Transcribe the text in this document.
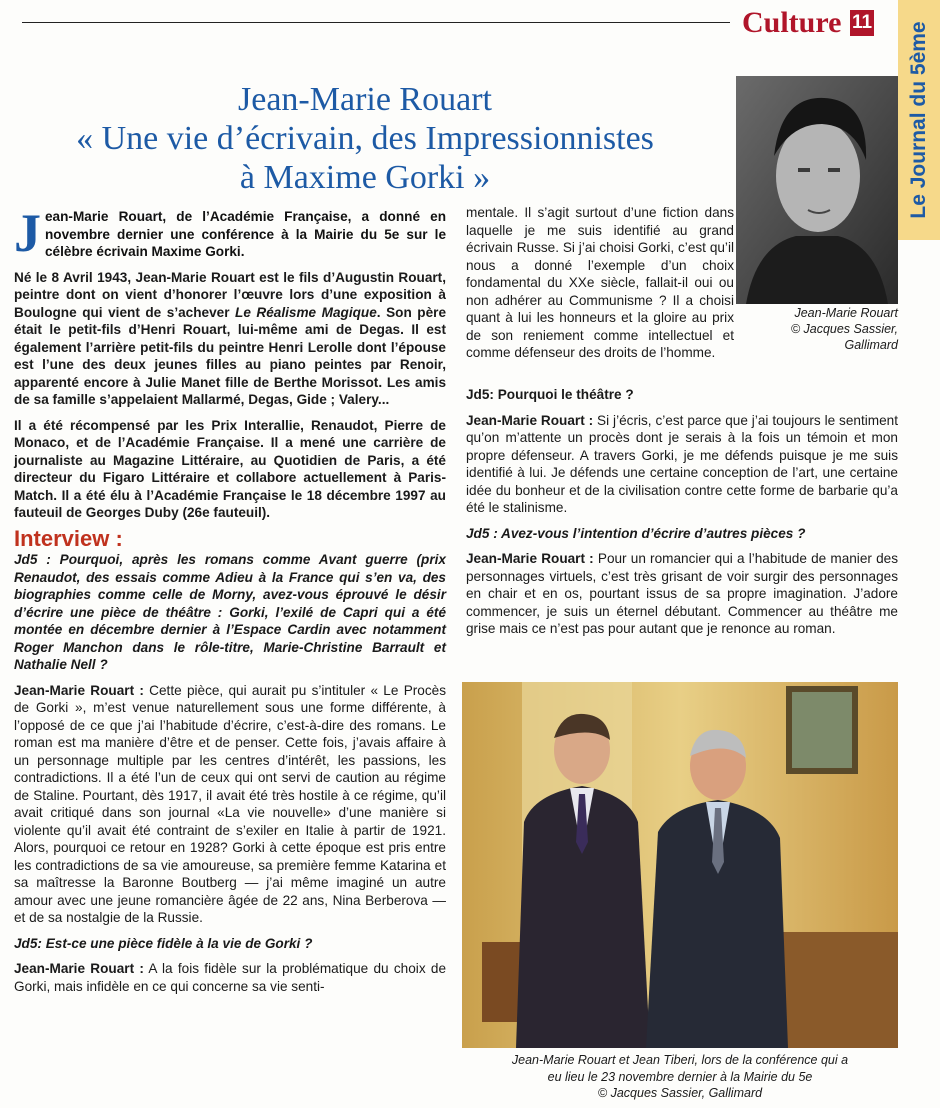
Culture 11 Le Journal du 5ème
Jean-Marie Rouart
« Une vie d’écrivain, des Impressionnistes
à Maxime Gorki »

Jean-Marie Rouart, de l’Académie Française, a donné en novembre dernier une conférence à la Mairie du 5e sur le célèbre écrivain Maxime Gorki.

Né le 8 Avril 1943, Jean-Marie Rouart est le fils d’Augustin Rouart, peintre dont on vient d’honorer l’œuvre lors d’une exposition à Boulogne qui vient de s’achever Le Réalisme Magique. Son père était le petit-fils d’Henri Rouart, lui-même ami de Degas. Il est également l’arrière petit-fils du peintre Henri Lerolle dont l’épouse est l’une des deux jeunes filles au piano peintes par Renoir, apparenté encore à Julie Manet fille de Berthe Morissot. Les amis de sa famille s’appelaient Mallarmé, Degas, Gide ; Valery...

Il a été récompensé par les Prix Interallie, Renaudot, Pierre de Monaco, et de l’Académie Française. Il a mené une carrière de journaliste au Magazine Littéraire, au Quotidien de Paris, a été directeur du Figaro Littéraire et collabore actuellement à Paris-Match. Il a été élu à l’Académie Française le 18 décembre 1997 au fauteuil de Georges Duby (26e fauteuil).

Interview :

Jd5 : Pourquoi, après les romans comme Avant guerre (prix Renaudot, des essais comme Adieu à la France qui s’en va, des biographies comme celle de Morny, avez-vous éprouvé le désir d’écrire une pièce de théâtre : Gorki, l’exilé de Capri qui a été montée en décembre dernier à l’Espace Cardin avec notamment Roger Manchon dans le rôle-titre, Marie-Christine Barrault et Nathalie Nell ?

Jean-Marie Rouart : Cette pièce, qui aurait pu s’intituler « Le Procès de Gorki », m’est venue naturellement sous une forme différente, à l’opposé de ce que j’ai l’habitude d’écrire, c’est-à-dire des romans. Le roman est ma manière d’être et de penser. Cette fois, j’avais affaire à un personnage multiple par les centres d’intérêt, les passions, les contradictions. Il a été l’un de ceux qui ont servi de caution au régime de Staline. Pourtant, dès 1917, il avait été très hostile à ce régime, qu’il avait critiqué dans son journal «La vie nouvelle» d’une manière si violente qu’il avait été contraint de s’exiler en Italie à partir de 1921. Alors, pourquoi ce retour en 1928? Gorki à cette époque est pris entre les contradictions de sa vie amoureuse, sa première femme Katarina et sa maîtresse la Baronne Boutberg — j’ai même imaginé un autre amour avec une jeune romancière âgée de 22 ans, Nina Berberova — et de sa nostalgie de la Russie.

Jd5: Est-ce une pièce fidèle à la vie de Gorki ?

Jean-Marie Rouart : A la fois fidèle sur la problématique du choix de Gorki, mais infidèle en ce qui concerne sa vie senti-

mentale. Il s’agit surtout d’une fiction dans laquelle je me suis identifié au grand écrivain Russe. Si j’ai choisi Gorki, c’est qu’il nous a donné l’exemple d’un choix fondamental du XXe siècle, fallait-il oui ou non adhérer au Communisme ? Il a choisi quant à lui les honneurs et la gloire au prix de son reniement comme intellectuel et comme défenseur des droits de l’homme.

Jd5: Pourquoi le théâtre ?

Jean-Marie Rouart : Si j’écris, c’est parce que j’ai toujours le sentiment qu’on m’attente un procès dont je serais à la fois un témoin et mon propre défenseur. A travers Gorki, je me défends puisque je me suis identifié à lui. Je défends une certaine conception de l’art, une certaine idée du bonheur et de la civilisation contre cette forme de barbarie qu’a été le stalinisme.

Jd5 : Avez-vous l’intention d’écrire d’autres pièces ?

Jean-Marie Rouart : Pour un romancier qui a l’habitude de manier des personnages virtuels, c’est très grisant de voir surgir des personnages en chair et en os, pourtant issus de sa propre imagination. J’adore commencer, je suis un éternel débutant. Commencer au théâtre me grise mais ce n’est pas pour autant que je renonce au roman.

Jean-Marie Rouart
© Jacques Sassier,
Gallimard
Jean-Marie Rouart et Jean Tiberi, lors de la conférence qui a
eu lieu le 23 novembre dernier à la Mairie du 5e
© Jacques Sassier, Gallimard
